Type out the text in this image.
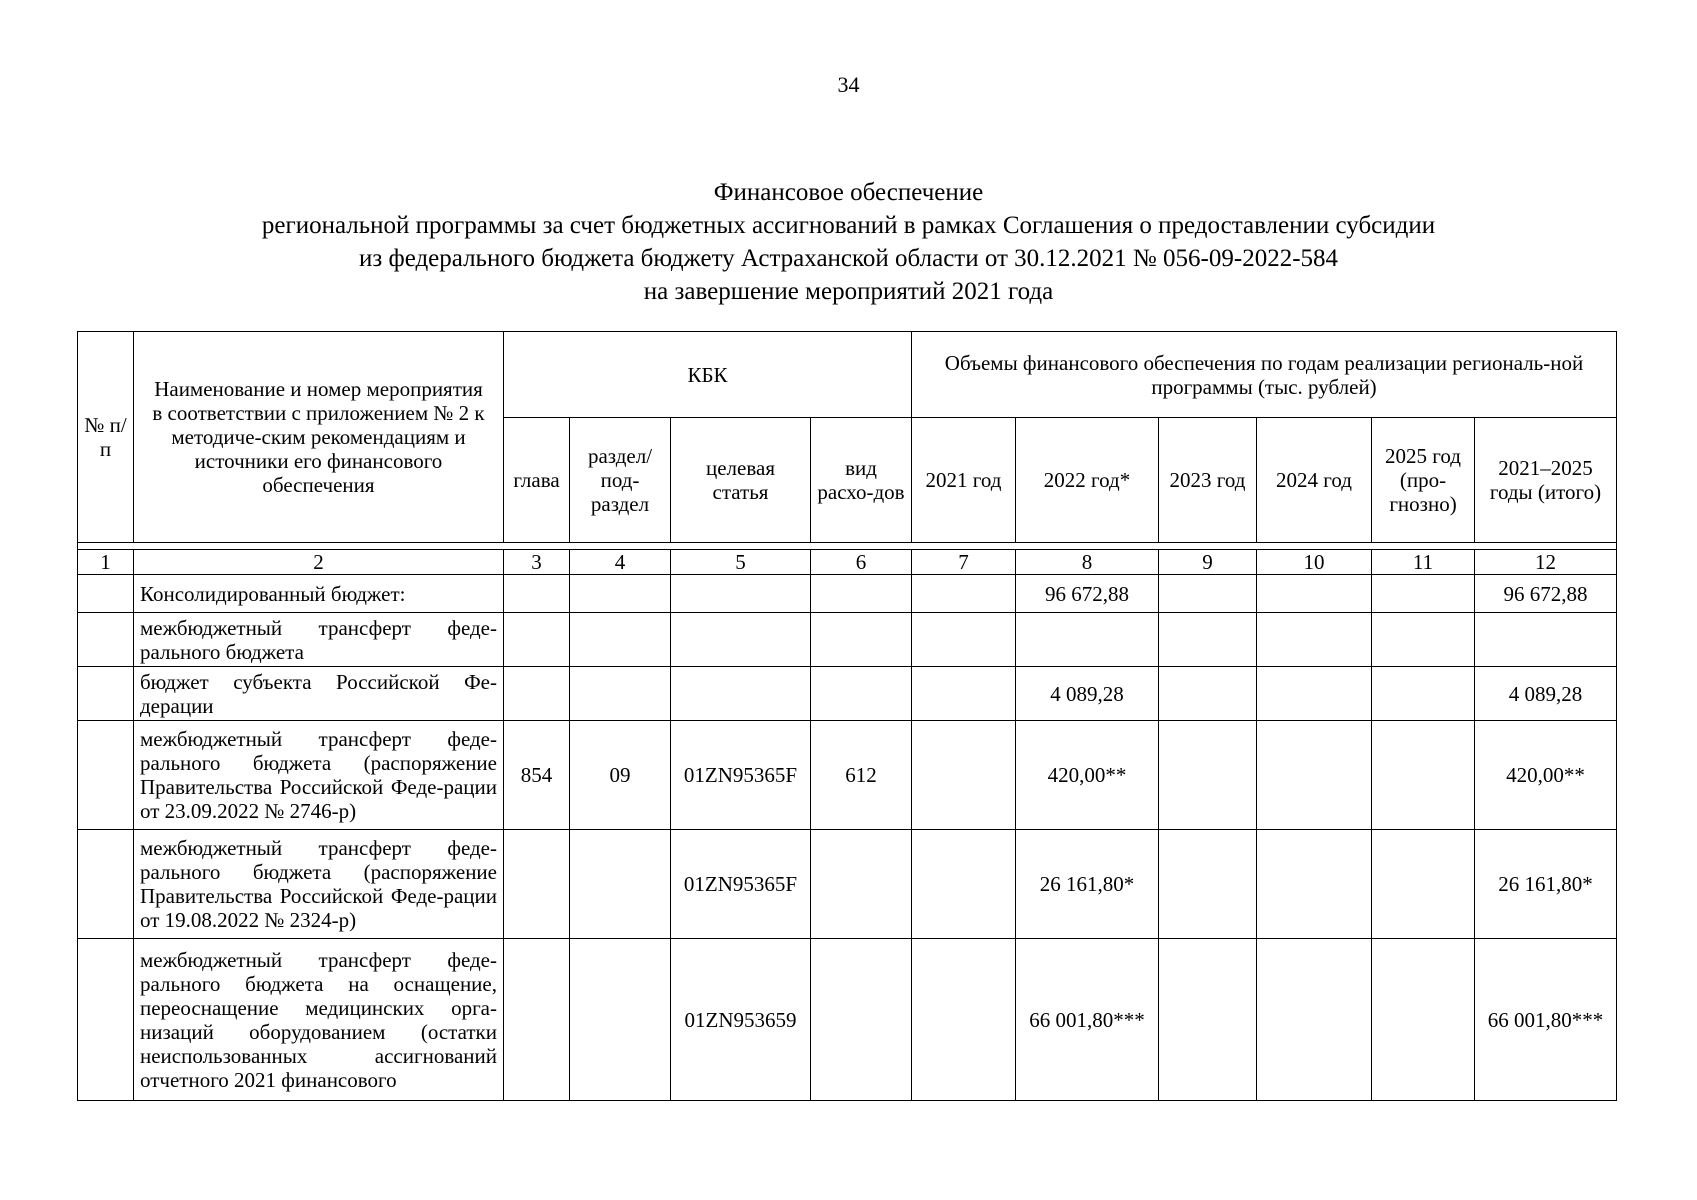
34
Финансовое обеспечение
региональной программы за счет бюджетных ассигнований в рамках Соглашения о предоставлении субсидии
из федерального бюджета бюджету Астраханской области от 30.12.2021 № 056-09-2022-584
на завершение мероприятий 2021 года
№ п/п	Наименование и номер мероприятия в соответствии с приложением № 2 к методиче-ским рекомендациям и источники его финансового обеспечения	КБК				Объемы финансового обеспечения по годам реализации региональ-ной программы (тыс. рублей)					
		глава	раздел/ под-раздел	целевая статья	вид расхо-дов	2021 год	2022 год*	2023 год	2024 год	2025 год (про-гнозно)	2021–2025 годы (итого)

1	2	3	4	5	6	7	8	9	10	11	12
	Консолидированный бюджет:						96 672,88				96 672,88
	межбюджетный трансферт феде-рального бюджета										
	бюджет субъекта Российской Фе-дерации						4 089,28				4 089,28
	межбюджетный трансферт феде-рального бюджета (распоряжение Правительства Российской Феде-рации от 23.09.2022 № 2746-р)	854	09	01ZN95365F	612		420,00**				420,00**
	межбюджетный трансферт феде-рального бюджета (распоряжение Правительства Российской Феде-рации от 19.08.2022 № 2324-р)			01ZN95365F			26 161,80*				26 161,80*
	межбюджетный трансферт феде-рального бюджета на оснащение, переоснащение медицинских орга-низаций оборудованием (остатки неиспользованных ассигнований отчетного 2021 финансового			01ZN953659			66 001,80***				66 001,80***
